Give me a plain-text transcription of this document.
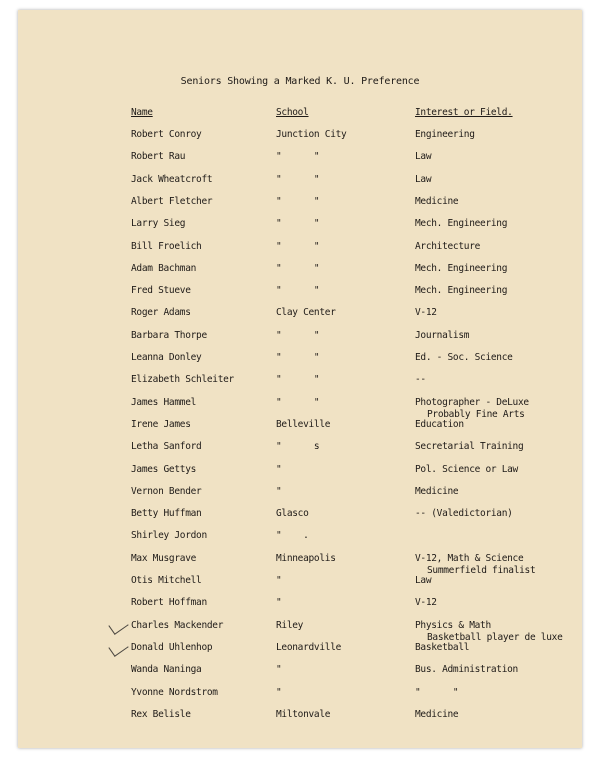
Seniors Showing a Marked K. U. Preference
Name	School	Interest or Field.
Robert Conroy	Junction City	Engineering
Robert Rau	"      "	Law
Jack Wheatcroft	"      "	Law
Albert Fletcher	"      "	Medicine
Larry Sieg	"      "	Mech. Engineering
Bill Froelich	"      "	Architecture
Adam Bachman	"      "	Mech. Engineering
Fred Stueve	"      "	Mech. Engineering
Roger Adams	Clay Center	V-12
Barbara Thorpe	"      "	Journalism
Leanna Donley	"      "	Ed. - Soc. Science
Elizabeth Schleiter	"      "	--
James Hammel	"      "	Photographer - DeLuxe
Probably Fine Arts
Irene James	Belleville	Education
Letha Sanford	"      s	Secretarial Training
James Gettys	"	Pol. Science or Law
Vernon Bender	"	Medicine
Betty Huffman	Glasco	-- (Valedictorian)
Shirley Jordon	"    .
Max Musgrave	Minneapolis	V-12, Math & Science
Summerfield finalist
Otis Mitchell	"	Law
Robert Hoffman	"	V-12
Charles Mackender	Riley	Physics & Math
Basketball player de luxe
Donald Uhlenhop	Leonardville	Basketball
Wanda Naninga	"	Bus. Administration
Yvonne Nordstrom	"	"      "
Rex Belisle	Miltonvale	Medicine
